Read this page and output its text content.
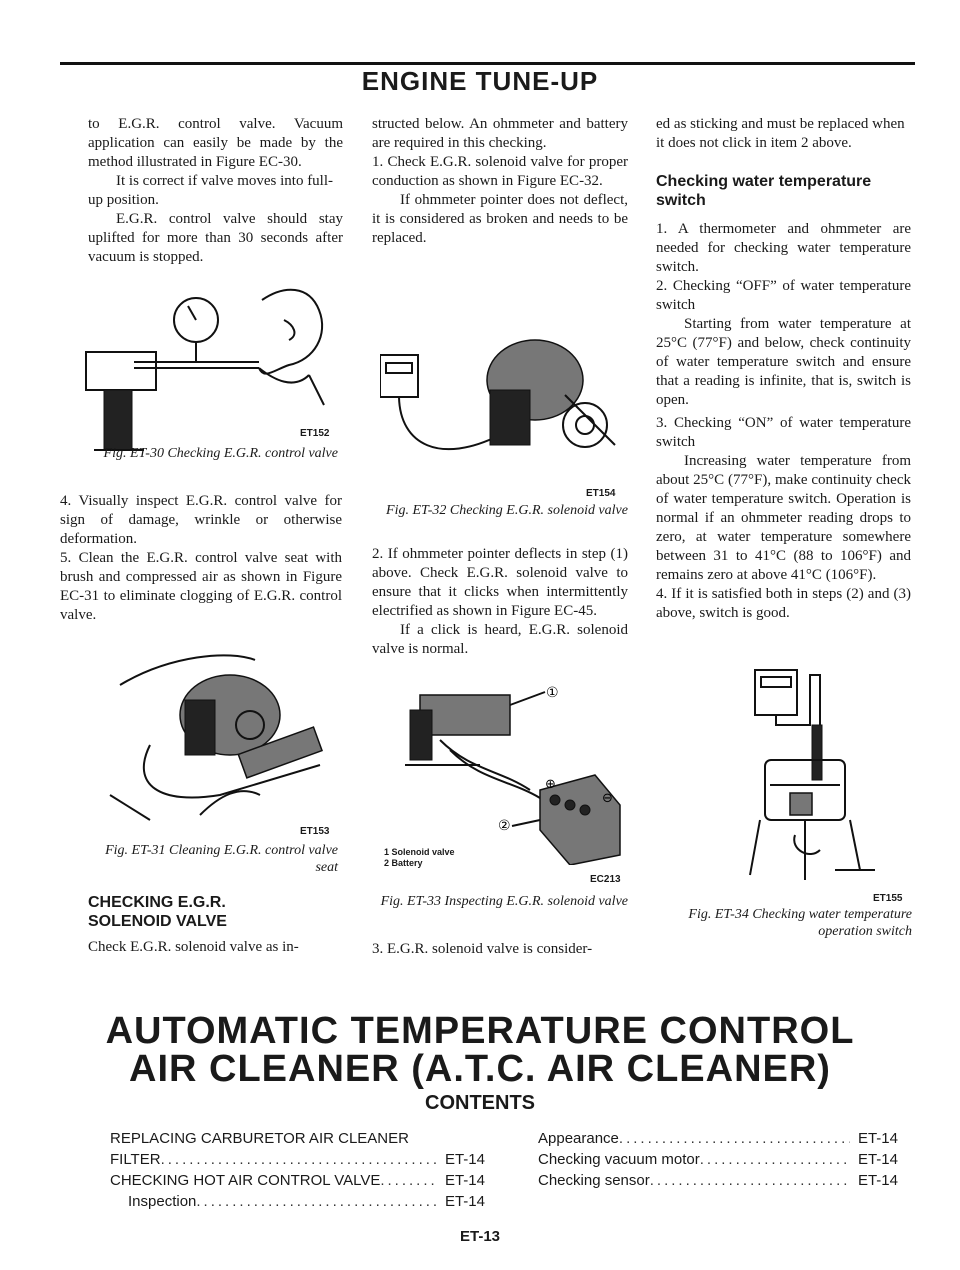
ENGINE TUNE-UP

to E.G.R. control valve. Vacuum application can easily be made by the method illustrated in Figure EC-30.

It is correct if valve moves into full-up position.

E.G.R. control valve should stay uplifted for more than 30 seconds after vacuum is stopped.

ET152
Fig. ET-30 Checking E.G.R. control valve

4. Visually inspect E.G.R. control valve for sign of damage, wrinkle or otherwise deformation.

5. Clean the E.G.R. control valve seat with brush and compressed air as shown in Figure EC-31 to eliminate clogging of E.G.R. control valve.

ET153
Fig. ET-31 Cleaning E.G.R. control valve seat
CHECKING E.G.R. SOLENOID VALVE
Check E.G.R. solenoid valve as in-

structed below. An ohmmeter and battery are required in this checking.

1. Check E.G.R. solenoid valve for proper conduction as shown in Figure EC-32.

If ohmmeter pointer does not deflect, it is considered as broken and needs to be replaced.

ET154
Fig. ET-32 Checking E.G.R. solenoid valve

2. If ohmmeter pointer deflects in step (1) above. Check E.G.R. solenoid valve to ensure that it clicks when intermittently electrified as shown in Figure EC-45.

If a click is heard, E.G.R. solenoid valve is normal.

①
⊕
⊖
②
1 Solenoid valve
2 Battery
EC213
Fig. ET-33 Inspecting E.G.R. solenoid valve
3. E.G.R. solenoid valve is consider-
ed as sticking and must be replaced when it does not click in item 2 above.
Checking water temperature switch

1. A thermometer and ohmmeter are needed for checking water temperature switch.

2. Checking “OFF” of water temperature switch

Starting from water temperature at 25°C (77°F) and below, check continuity of water temperature switch and ensure that a reading is infinite, that is, switch is open.

3. Checking “ON” of water temperature switch

Increasing water temperature from about 25°C (77°F), make continuity check of water temperature switch. Operation is normal if an ohmmeter reading drops to zero, at water temperature somewhere between 31 to 41°C (88 to 106°F) and remains zero at above 41°C (106°F).

4. If it is satisfied both in steps (2) and (3) above, switch is good.

ET155
Fig. ET-34 Checking water temperature operation switch
AUTOMATIC TEMPERATURE CONTROL
AIR CLEANER (A.T.C. AIR CLEANER)
CONTENTS
REPLACING CARBURETOR AIR CLEANER
FILTER .....	ET-14
CHECKING HOT AIR CONTROL VALVE .....	ET-14
Inspection .....	ET-14
Appearance .....	ET-14
Checking vacuum motor .....	ET-14
Checking sensor .....	ET-14
ET-13
